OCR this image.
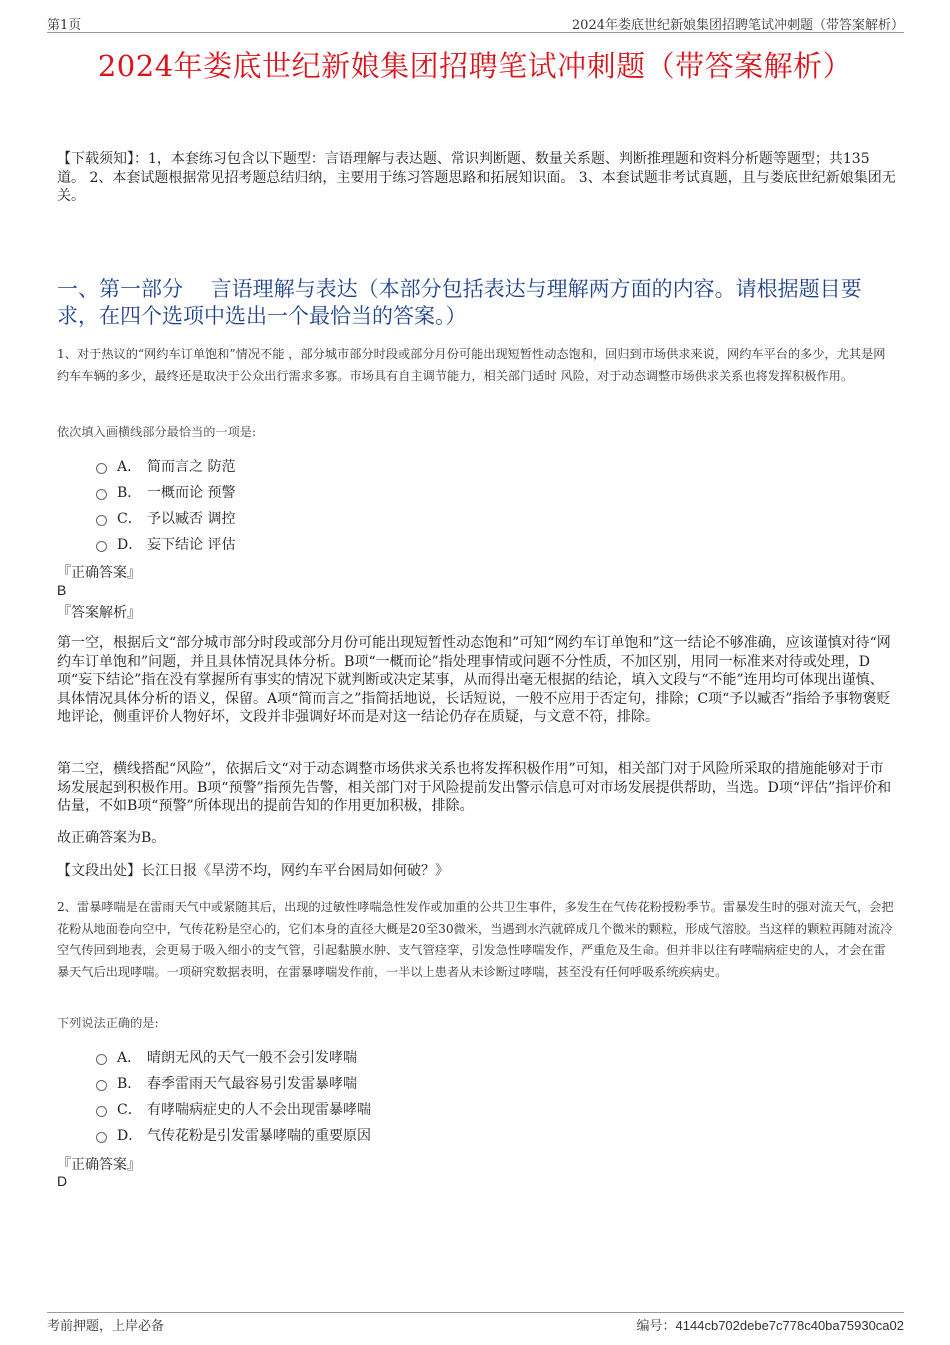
第1页	2024年娄底世纪新娘集团招聘笔试冲刺题（带答案解析）
2024年娄底世纪新娘集团招聘笔试冲刺题（带答案解析）
【下载须知】：1，本套练习包含以下题型：言语理解与表达题、常识判断题、数量关系题、判断推理题和资料分析题等题型；共135道。 2、本套试题根据常见招考题总结归纳，主要用于练习答题思路和拓展知识面。 3、本套试题非考试真题，且与娄底世纪新娘集团无关。
一、第一部分　 言语理解与表达（本部分包括表达与理解两方面的内容。请根据题目要求，在四个选项中选出一个最恰当的答案。）
1、对于热议的“网约车订单饱和”情况不能 ，部分城市部分时段或部分月份可能出现短暂性动态饱和，回归到市场供求来说，网约车平台的多少，尤其是网约车车辆的多少，最终还是取决于公众出行需求多寡。市场具有自主调节能力，相关部门适时 风险，对于动态调整市场供求关系也将发挥积极作用。
依次填入画横线部分最恰当的一项是:
A． 简而言之 防范
B． 一概而论 预警
C． 予以臧否 调控
D． 妄下结论 评估
『正确答案』
B
『答案解析』
第一空，根据后文“部分城市部分时段或部分月份可能出现短暂性动态饱和”可知“网约车订单饱和”这一结论不够准确，应该谨慎对待“网约车订单饱和”问题，并且具体情况具体分析。B项“一概而论”指处理事情或问题不分性质，不加区别，用同一标准来对待或处理，D项“妄下结论”指在没有掌握所有事实的情况下就判断或决定某事，从而得出毫无根据的结论，填入文段与“不能”连用均可体现出谨慎、具体情况具体分析的语义，保留。A项“简而言之”指简括地说，长话短说，一般不应用于否定句，排除；C项“予以臧否”指给予事物褒贬地评论，侧重评价人物好坏，文段并非强调好坏而是对这一结论仍存在质疑，与文意不符，排除。
第二空，横线搭配“风险”，依据后文“对于动态调整市场供求关系也将发挥积极作用”可知，相关部门对于风险所采取的措施能够对于市场发展起到积极作用。B项“预警”指预先告警，相关部门对于风险提前发出警示信息可对市场发展提供帮助，当选。D项“评估”指评价和估量，不如B项“预警”所体现出的提前告知的作用更加积极，排除。
故正确答案为B。
【文段出处】长江日报《旱涝不均，网约车平台困局如何破？》
2、雷暴哮喘是在雷雨天气中或紧随其后，出现的过敏性哮喘急性发作或加重的公共卫生事件，多发生在气传花粉授粉季节。雷暴发生时的强对流天气，会把花粉从地面卷向空中，气传花粉是空心的，它们本身的直径大概是20至30微米，当遇到水汽就碎成几个微米的颗粒，形成气溶胶。当这样的颗粒再随对流冷空气传回到地表，会更易于吸入细小的支气管，引起黏膜水肿、支气管痉挛，引发急性哮喘发作，严重危及生命。但并非以往有哮喘病症史的人，才会在雷暴天气后出现哮喘。一项研究数据表明，在雷暴哮喘发作前，一半以上患者从未诊断过哮喘，甚至没有任何呼吸系统疾病史。
下列说法正确的是:
A． 晴朗无风的天气一般不会引发哮喘
B． 春季雷雨天气最容易引发雷暴哮喘
C． 有哮喘病症史的人不会出现雷暴哮喘
D． 气传花粉是引发雷暴哮喘的重要原因
『正确答案』
D
考前押题，上岸必备	编号：4144cb702debe7c778c40ba75930ca02
